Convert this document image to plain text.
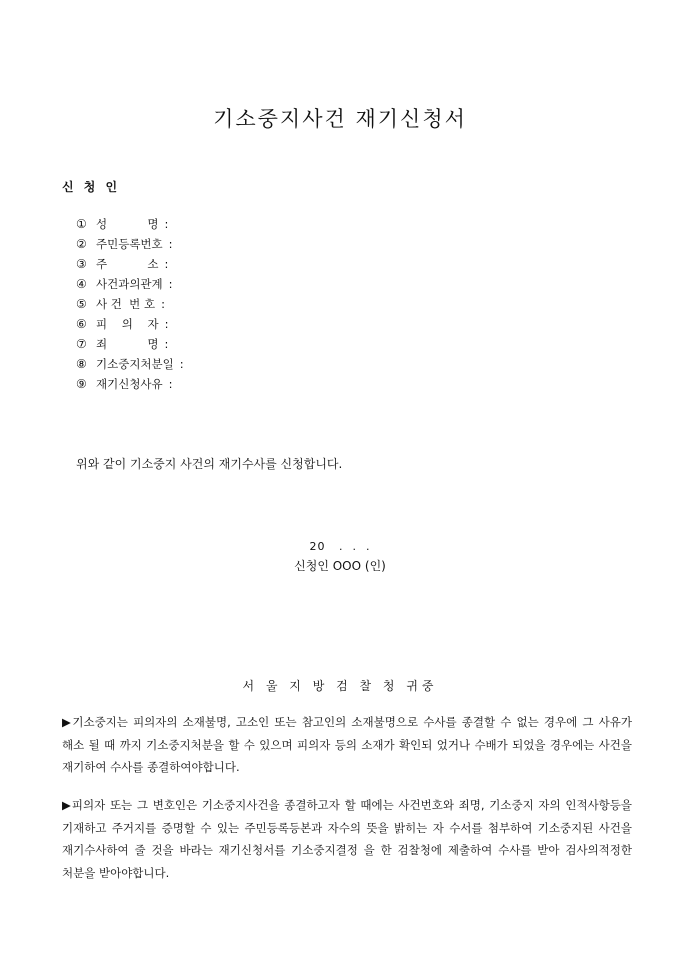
기소중지사건 재기신청서
신 청 인
① 성           명 :
② 주민등록번호 :
③ 주           소 :
④ 사건과의관계 :
⑤ 사 건  번 호 :
⑥ 피    의    자 :
⑦ 죄           명 :
⑧ 기소중지처분일 :
⑨ 재기신청사유 :
위와 같이 기소중지 사건의 재기수사를 신청합니다.
20   .  .  .
신청인 OOO (인)
서 울 지 방 검 찰 청 귀중
▶기소중지는 피의자의 소재불명, 고소인 또는 참고인의 소재불명으로 수사를 종결할 수 없는 경우에 그 사유가 해소 될 때 까지 기소중지처분을 할 수 있으며 피의자 등의 소재가 확인되 었거나 수배가 되었을 경우에는 사건을 재기하여 수사를 종결하여야합니다.
▶피의자 또는 그 변호인은 기소중지사건을 종결하고자 할 때에는 사건번호와 죄명, 기소중지 자의 인적사항등을 기재하고 주거지를 증명할 수 있는 주민등록등본과 자수의 뜻을 밝히는 자 수서를 첨부하여 기소중지된 사건을 재기수사하여 줄 것을 바라는 재기신청서를 기소중지결정 을 한 검찰청에 제출하여 수사를 받아 검사의적정한 처분을 받아야합니다.
